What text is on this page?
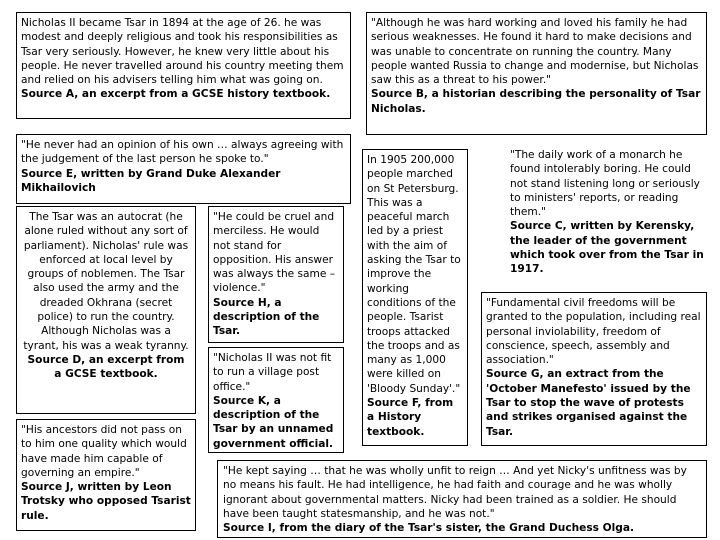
Nicholas II became Tsar in 1894 at the age of 26. he was modest and deeply religious and took his responsibilities as Tsar very seriously. However, he knew very little about his people. He never travelled around his country meeting them and relied on his advisers telling him what was going on.
Source A, an excerpt from a GCSE history textbook.
"Although he was hard working and loved his family he had serious weaknesses. He found it hard to make decisions and was unable to concentrate on running the country. Many people wanted Russia to change and modernise, but Nicholas saw this as a threat to his power."
Source B, a historian describing the personality of Tsar Nicholas.
"He never had an opinion of his own … always agreeing with the judgement of the last person he spoke to."
Source E, written by Grand Duke Alexander Mikhailovich
The Tsar was an autocrat (he alone ruled without any sort of parliament). Nicholas' rule was enforced at local level by groups of noblemen. The Tsar also used the army and the dreaded Okhrana (secret police) to run the country. Although Nicholas was a tyrant, his was a weak tyranny.
Source D, an excerpt from a GCSE textbook.
"His ancestors did not pass on to him one quality which would have made him capable of governing an empire."
Source J, written by Leon Trotsky who opposed Tsarist rule.
"He could be cruel and merciless. He would not stand for opposition. His answer was always the same – violence."
Source H, a description of the Tsar.
"Nicholas II was not fit to run a village post office."
Source K, a description of the Tsar by an unnamed government official.
In 1905 200,000 people marched on St Petersburg. This was a peaceful march led by a priest with the aim of asking the Tsar to improve the working conditions of the people. Tsarist troops attacked the troops and as many as 1,000 were killed on 'Bloody Sunday'."
Source F, from a History textbook.
"The daily work of a monarch he found intolerably boring. He could not stand listening long or seriously to ministers' reports, or reading them."
Source C, written by Kerensky, the leader of the government which took over from the Tsar in 1917.
"Fundamental civil freedoms will be granted to the population, including real personal inviolability, freedom of conscience, speech, assembly and association."
Source G, an extract from the 'October Manefesto' issued by the Tsar to stop the wave of protests and strikes organised against the Tsar.
"He kept saying … that he was wholly unfit to reign … And yet Nicky's unfitness was by no means his fault. He had intelligence, he had faith and courage and he was wholly ignorant about governmental matters. Nicky had been trained as a soldier. He should have been taught statesmanship, and he was not."
Source I, from the diary of the Tsar's sister, the Grand Duchess Olga.
